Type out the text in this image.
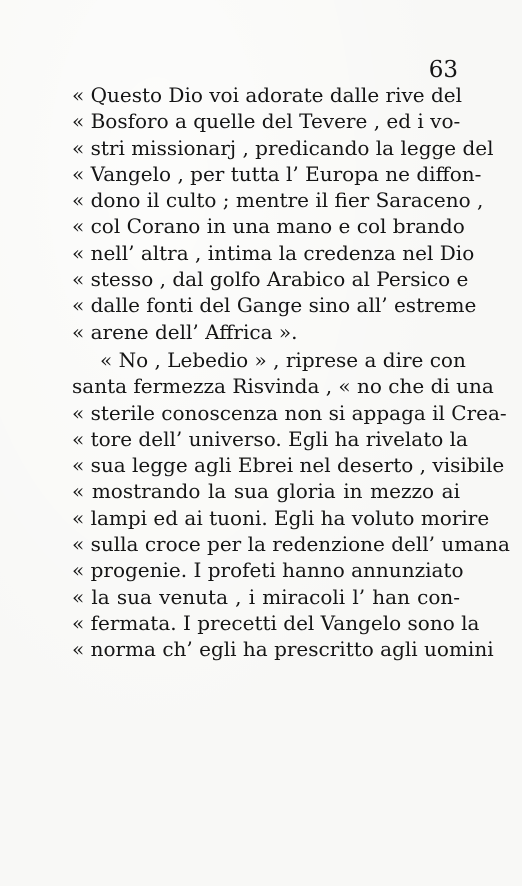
63
« Questo Dio voi adorate dalle rive del
« Bosforo a quelle del Tevere , ed i vo-
« stri missionarj , predicando la legge del
« Vangelo , per tutta l’ Europa ne diffon-
« dono il culto ; mentre il fier Saraceno ,
« col Corano in una mano e col brando
« nell’ altra , intima la credenza nel Dio
« stesso , dal golfo Arabico al Persico e
« dalle fonti del Gange sino all’ estreme
« arene dell’ Affrica ».
« No , Lebedio » , riprese a dire con
santa fermezza Risvinda , « no che di una
« sterile conoscenza non si appaga il Crea-
« tore dell’ universo. Egli ha rivelato la
« sua legge agli Ebrei nel deserto , visibile
« mostrando la sua gloria in mezzo ai
« lampi ed ai tuoni. Egli ha voluto morire
« sulla croce per la redenzione dell’ umana
« progenie. I profeti hanno annunziato
« la sua venuta , i miracoli l’ han con-
« fermata. I precetti del Vangelo sono la
« norma ch’ egli ha prescritto agli uomini
